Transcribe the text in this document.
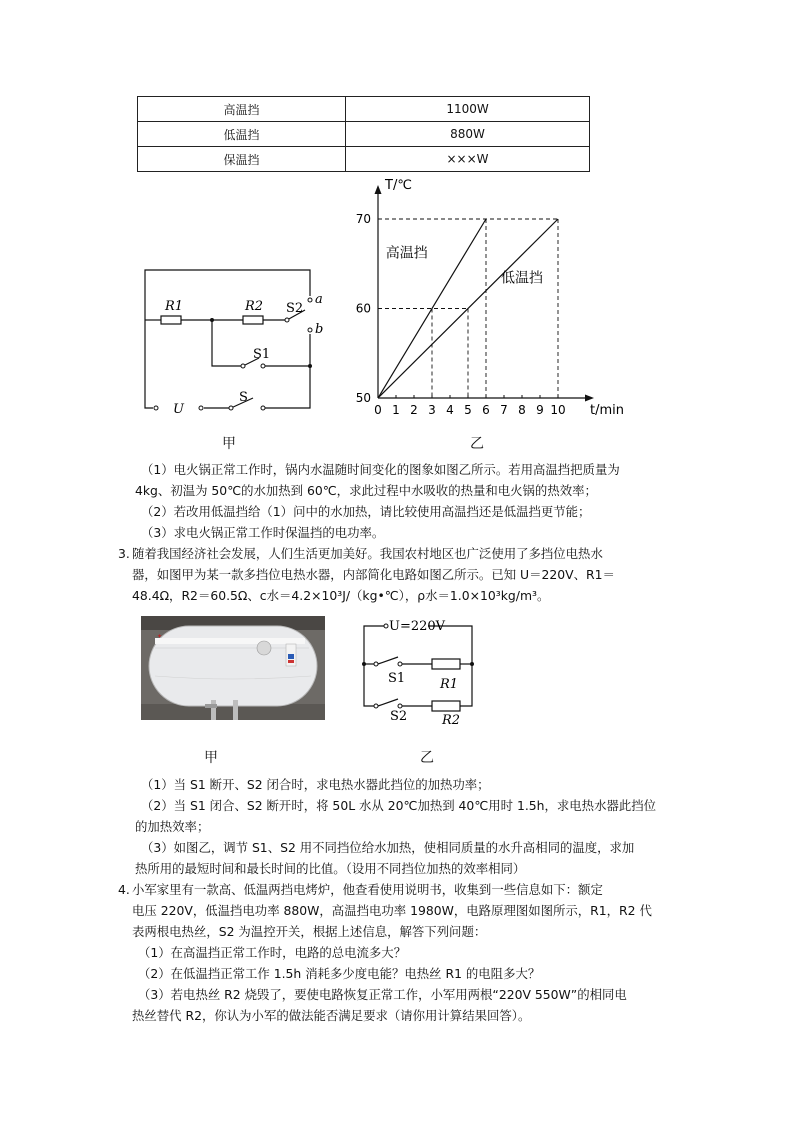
高温挡	1100W
低温挡	880W
保温挡	×××W
R1	R2 S2
a
b
S1
U
S
T/℃
t/min
0 1 2 3 4 5 6 7 8 9 10
50
60
70
高温挡
低温挡
甲	乙

（1）电火锅正常工作时，锅内水温随时间变化的图象如图乙所示。若用高温挡把质量为

4kg、初温为 50℃的水加热到 60℃，求此过程中水吸收的热量和电火锅的热效率；

（2）若改用低温挡给（1）问中的水加热，请比较使用高温挡还是低温挡更节能；

（3）求电火锅正常工作时保温挡的电功率。

3. 随着我国经济社会发展，人们生活更加美好。我国农村地区也广泛使用了多挡位电热水

器，如图甲为某一款多挡位电热水器，内部简化电路如图乙所示。已知 U＝220V、R1＝

48.4Ω，R2＝60.5Ω、c水＝4.2×10³J/（kg•℃），ρ水＝1.0×10³kg/m³。

✦
U=220V
S1	R1
S2	R2
甲	乙

（1）当 S1 断开、S2 闭合时，求电热水器此挡位的加热功率；

（2）当 S1 闭合、S2 断开时，将 50L 水从 20℃加热到 40℃用时 1.5h，求电热水器此挡位

的加热效率；

（3）如图乙，调节 S1、S2 用不同挡位给水加热，使相同质量的水升高相同的温度，求加

热所用的最短时间和最长时间的比值。（设用不同挡位加热的效率相同）

4. 小军家里有一款高、低温两挡电烤炉，他查看使用说明书，收集到一些信息如下：额定

电压 220V，低温挡电功率 880W，高温挡电功率 1980W，电路原理图如图所示，R1，R2 代

表两根电热丝，S2 为温控开关，根据上述信息，解答下列问题：

（1）在高温挡正常工作时，电路的总电流多大？

（2）在低温挡正常工作 1.5h 消耗多少度电能？电热丝 R1 的电阻多大？

（3）若电热丝 R2 烧毁了，要使电路恢复正常工作，小军用两根“220V 550W”的相同电

热丝替代 R2，你认为小军的做法能否满足要求（请你用计算结果回答）。
